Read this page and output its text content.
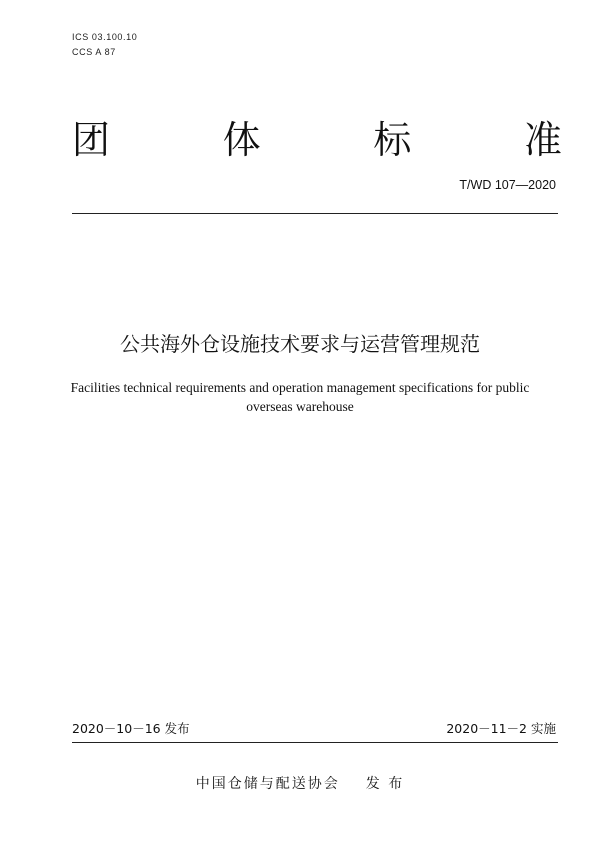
ICS 03.100.10
CCS A 87
团	体	标	准
T/WD 107—2020
公共海外仓设施技术要求与运营管理规范
Facilities technical requirements and operation management specifications for public
overseas warehouse
2020－10－16 发布	2020－11－2 实施
中国仓储与配送协会 发 布
